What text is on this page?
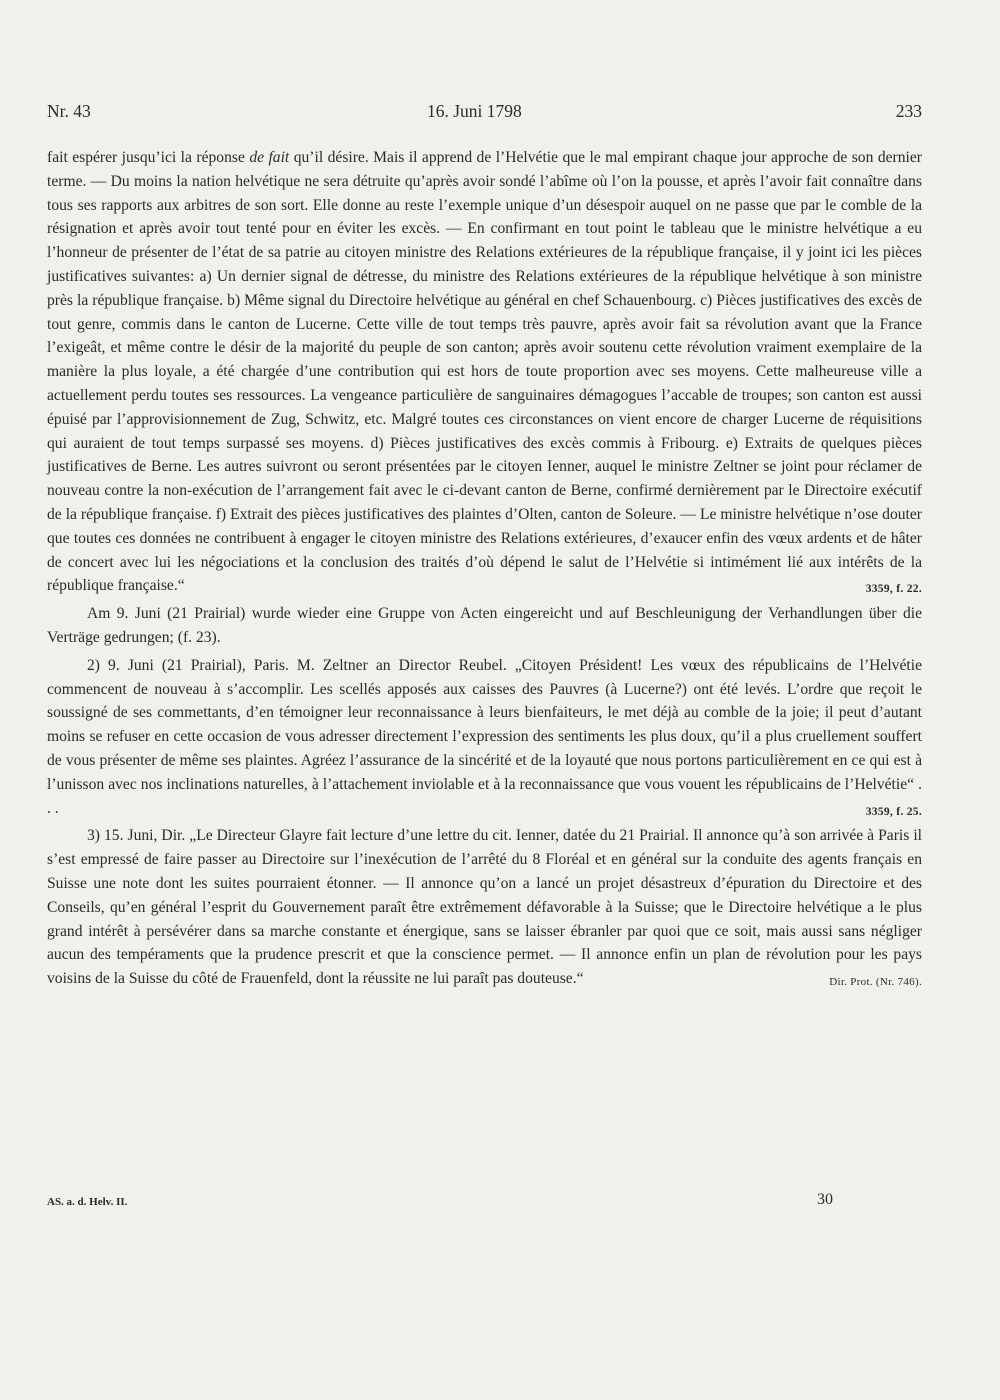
Nr. 43	16. Juni 1798	233

fait espérer jusqu’ici la réponse de fait qu’il désire. Mais il apprend de l’Helvétie que le mal empirant chaque jour approche de son dernier terme. — Du moins la nation helvétique ne sera détruite qu’après avoir sondé l’abîme où l’on la pousse, et après l’avoir fait connaître dans tous ses rapports aux arbitres de son sort. Elle donne au reste l’exemple unique d’un désespoir auquel on ne passe que par le comble de la résignation et après avoir tout tenté pour en éviter les excès. — En confirmant en tout point le tableau que le ministre helvétique a eu l’honneur de présenter de l’état de sa patrie au citoyen ministre des Relations extérieures de la république française, il y joint ici les pièces justificatives suivantes: a) Un dernier signal de détresse, du ministre des Relations extérieures de la république helvétique à son ministre près la république française. b) Même signal du Directoire helvétique au général en chef Schauenbourg. c) Pièces justificatives des excès de tout genre, commis dans le canton de Lucerne. Cette ville de tout temps très pauvre, après avoir fait sa révolution avant que la France l’exigeât, et même contre le désir de la majorité du peuple de son canton; après avoir soutenu cette révolution vraiment exemplaire de la manière la plus loyale, a été chargée d’une contribution qui est hors de toute proportion avec ses moyens. Cette malheureuse ville a actuellement perdu toutes ses ressources. La vengeance particulière de sanguinaires démagogues l’accable de troupes; son canton est aussi épuisé par l’approvisionnement de Zug, Schwitz, etc. Malgré toutes ces circonstances on vient encore de charger Lucerne de réquisitions qui auraient de tout temps surpassé ses moyens. d) Pièces justificatives des excès commis à Fribourg. e) Extraits de quelques pièces justificatives de Berne. Les autres suivront ou seront présentées par le citoyen Ienner, auquel le ministre Zeltner se joint pour réclamer de nouveau contre la non-exécution de l’arrangement fait avec le ci-devant canton de Berne, confirmé dernièrement par le Directoire exécutif de la république française. f) Extrait des pièces justificatives des plaintes d’Olten, canton de Soleure. — Le ministre helvétique n’ose douter que toutes ces données ne contribuent à engager le citoyen ministre des Relations extérieures, d’exaucer enfin des vœux ardents et de hâter de concert avec lui les négociations et la conclusion des traités d’où dépend le salut de l’Helvétie si intimément lié aux intérêts de la république française.“	3359, f. 22.

Am 9. Juni (21 Prairial) wurde wieder eine Gruppe von Acten eingereicht und auf Beschleunigung der Verhandlungen über die Verträge gedrungen; (f. 23).

2) 9. Juni (21 Prairial), Paris. M. Zeltner an Director Reubel. „Citoyen Président! Les vœux des républicains de l’Helvétie commencent de nouveau à s’accomplir. Les scellés apposés aux caisses des Pauvres (à Lucerne?) ont été levés. L’ordre que reçoit le soussigné de ses commettants, d’en témoigner leur reconnaissance à leurs bienfaiteurs, le met déjà au comble de la joie; il peut d’autant moins se refuser en cette occasion de vous adresser directement l’expression des sentiments les plus doux, qu’il a plus cruellement souffert de vous présenter de même ses plaintes. Agréez l’assurance de la sincérité et de la loyauté que nous portons particulièrement en ce qui est à l’unisson avec nos inclinations naturelles, à l’attachement inviolable et à la reconnaissance que vous vouent les républicains de l’Helvétie“ . . .	3359, f. 25.

3) 15. Juni, Dir. „Le Directeur Glayre fait lecture d’une lettre du cit. Ienner, datée du 21 Prairial. Il annonce qu’à son arrivée à Paris il s’est empressé de faire passer au Directoire sur l’inexécution de l’arrêté du 8 Floréal et en général sur la conduite des agents français en Suisse une note dont les suites pourraient étonner. — Il annonce qu’on a lancé un projet désastreux d’épuration du Directoire et des Conseils, qu’en général l’esprit du Gouvernement paraît être extrêmement défavorable à la Suisse; que le Directoire helvétique a le plus grand intérêt à persévérer dans sa marche constante et énergique, sans se laisser ébranler par quoi que ce soit, mais aussi sans négliger aucun des tempéraments que la prudence prescrit et que la conscience permet. — Il annonce enfin un plan de révolution pour les pays voisins de la Suisse du côté de Frauenfeld, dont la réussite ne lui paraît pas douteuse.“	Dir. Prot. (Nr. 746).

AS. a. d. Helv. II.	30
